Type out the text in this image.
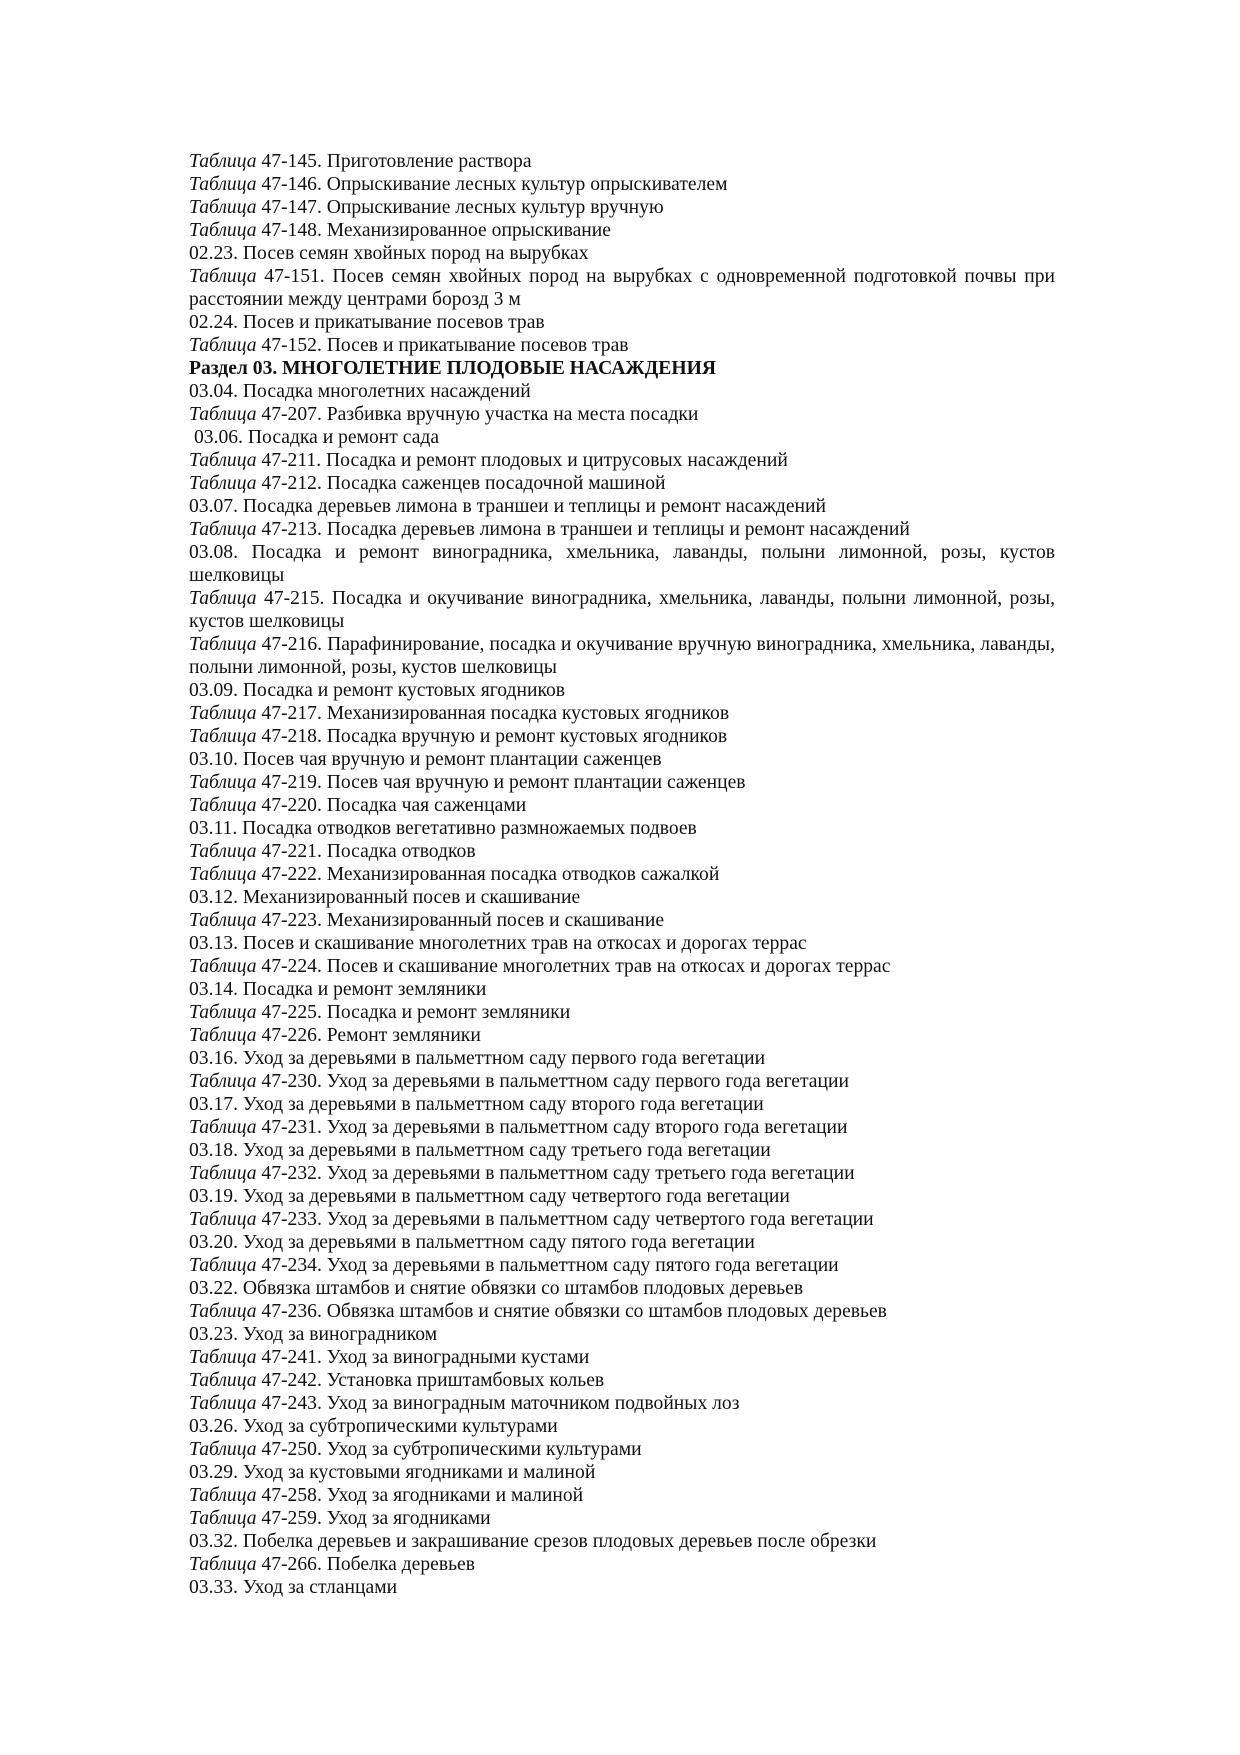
Таблица 47-145. Приготовление раствора

Таблица 47-146. Опрыскивание лесных культур опрыскивателем

Таблица 47-147. Опрыскивание лесных культур вручную

Таблица 47-148. Механизированное опрыскивание

02.23. Посев семян хвойных пород на вырубках

Таблица 47-151. Посев семян хвойных пород на вырубках с одновременной подготовкой почвы при расстоянии между центрами борозд 3 м

02.24. Посев и прикатывание посевов трав

Таблица 47-152. Посев и прикатывание посевов трав

Раздел 03. МНОГОЛЕТНИЕ ПЛОДОВЫЕ НАСАЖДЕНИЯ

03.04. Посадка многолетних насаждений

Таблица 47-207. Разбивка вручную участка на места посадки

03.06. Посадка и ремонт сада

Таблица 47-211. Посадка и ремонт плодовых и цитрусовых насаждений

Таблица 47-212. Посадка саженцев посадочной машиной

03.07. Посадка деревьев лимона в траншеи и теплицы и ремонт насаждений

Таблица 47-213. Посадка деревьев лимона в траншеи и теплицы и ремонт насаждений

03.08. Посадка и ремонт виноградника, хмельника, лаванды, полыни лимонной, розы, кустов шелковицы

Таблица 47-215. Посадка и окучивание виноградника, хмельника, лаванды, полыни лимонной, розы, кустов шелковицы

Таблица 47-216. Парафинирование, посадка и окучивание вручную виноградника, хмельника, лаванды, полыни лимонной, розы, кустов шелковицы

03.09. Посадка и ремонт кустовых ягодников

Таблица 47-217. Механизированная посадка кустовых ягодников

Таблица 47-218. Посадка вручную и ремонт кустовых ягодников

03.10. Посев чая вручную и ремонт плантации саженцев

Таблица 47-219. Посев чая вручную и ремонт плантации саженцев

Таблица 47-220. Посадка чая саженцами

03.11. Посадка отводков вегетативно размножаемых подвоев

Таблица 47-221. Посадка отводков

Таблица 47-222. Механизированная посадка отводков сажалкой

03.12. Механизированный посев и скашивание

Таблица 47-223. Механизированный посев и скашивание

03.13. Посев и скашивание многолетних трав на откосах и дорогах террас

Таблица 47-224. Посев и скашивание многолетних трав на откосах и дорогах террас

03.14. Посадка и ремонт земляники

Таблица 47-225. Посадка и ремонт земляники

Таблица 47-226. Ремонт земляники

03.16. Уход за деревьями в пальметтном саду первого года вегетации

Таблица 47-230. Уход за деревьями в пальметтном саду первого года вегетации

03.17. Уход за деревьями в пальметтном саду второго года вегетации

Таблица 47-231. Уход за деревьями в пальметтном саду второго года вегетации

03.18. Уход за деревьями в пальметтном саду третьего года вегетации

Таблица 47-232. Уход за деревьями в пальметтном саду третьего года вегетации

03.19. Уход за деревьями в пальметтном саду четвертого года вегетации

Таблица 47-233. Уход за деревьями в пальметтном саду четвертого года вегетации

03.20. Уход за деревьями в пальметтном саду пятого года вегетации

Таблица 47-234. Уход за деревьями в пальметтном саду пятого года вегетации

03.22. Обвязка штамбов и снятие обвязки со штамбов плодовых деревьев

Таблица 47-236. Обвязка штамбов и снятие обвязки со штамбов плодовых деревьев

03.23. Уход за виноградником

Таблица 47-241. Уход за виноградными кустами

Таблица 47-242. Установка приштамбовых кольев

Таблица 47-243. Уход за виноградным маточником подвойных лоз

03.26. Уход за субтропическими культурами

Таблица 47-250. Уход за субтропическими культурами

03.29. Уход за кустовыми ягодниками и малиной

Таблица 47-258. Уход за ягодниками и малиной

Таблица 47-259. Уход за ягодниками

03.32. Побелка деревьев и закрашивание срезов плодовых деревьев после обрезки

Таблица 47-266. Побелка деревьев

03.33. Уход за стланцами
